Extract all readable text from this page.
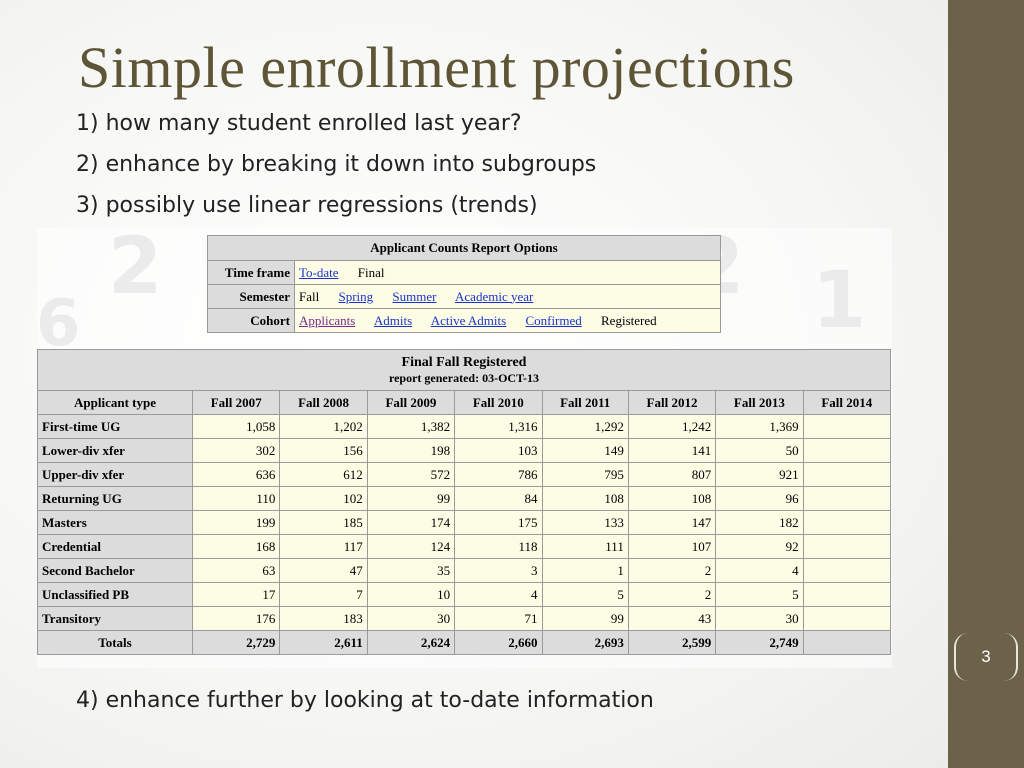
Simple enrollment projections

1) how many student enrolled last year?

2) enhance by breaking it down into subgroups

3) possibly use linear regressions (trends)

Applicant Counts Report Options	
Time frame	To-date Final
Semester	Fall Spring Summer Academic year
Cohort	Applicants Admits Active Admits Confirmed Registered
Final Fall Registered
report generated: 03-OCT-13								

Applicant type	Fall 2007	Fall 2008	Fall 2009	Fall 2010	Fall 2011	Fall 2012	Fall 2013	Fall 2014
First-time UG	1,058	1,202	1,382	1,316	1,292	1,242	1,369	
Lower-div xfer	302	156	198	103	149	141	50	
Upper-div xfer	636	612	572	786	795	807	921	
Returning UG	110	102	99	84	108	108	96	
Masters	199	185	174	175	133	147	182	
Credential	168	117	124	118	111	107	92	
Second Bachelor	63	47	35	3	1	2	4	
Unclassified PB	17	7	10	4	5	2	5	
Transitory	176	183	30	71	99	43	30	
Totals	2,729	2,611	2,624	2,660	2,693	2,599	2,749	

4) enhance further by looking at to-date information

3
